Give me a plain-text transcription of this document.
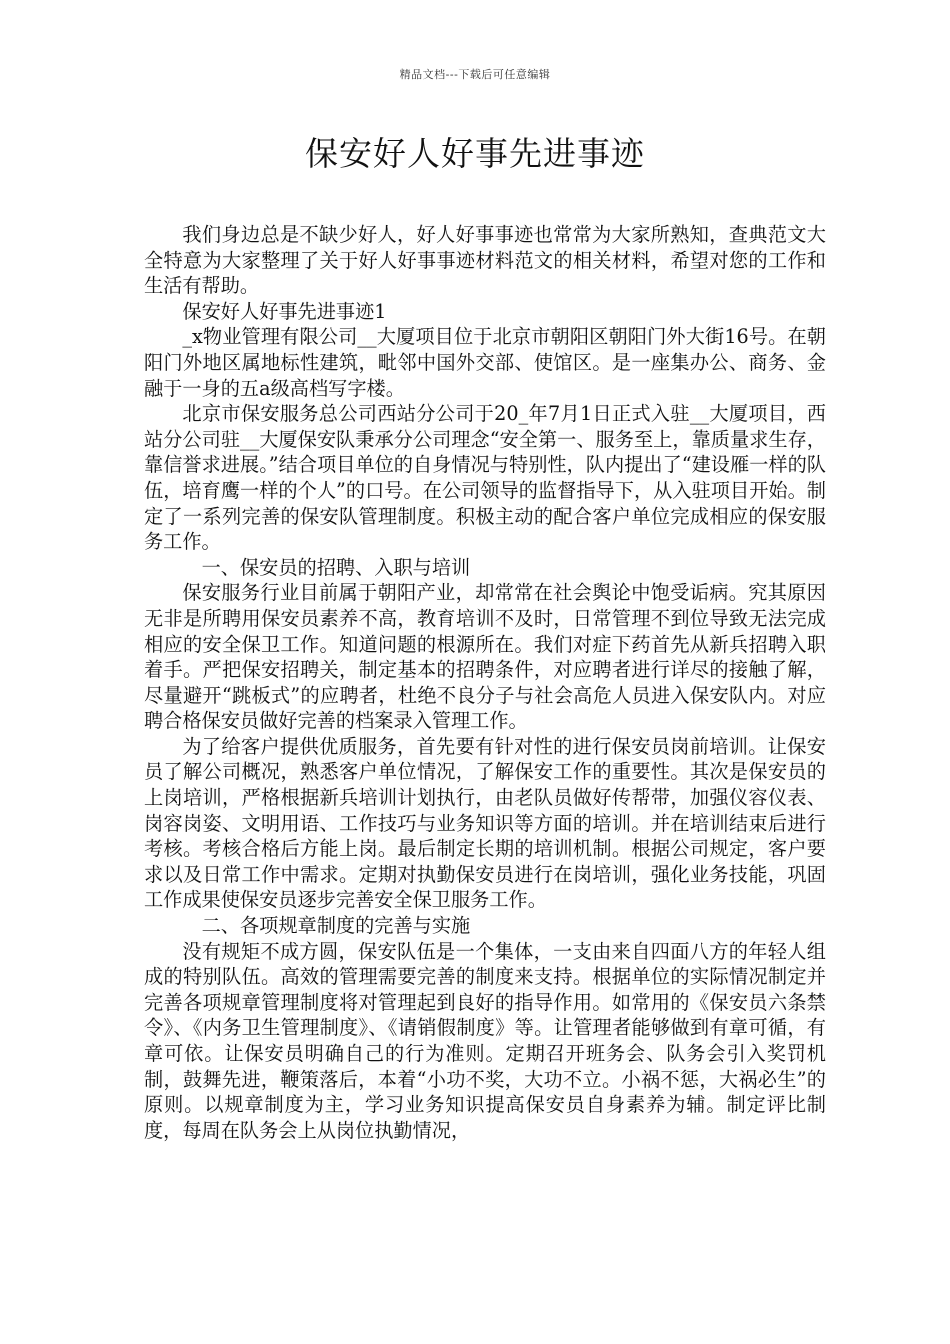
精品文档---下载后可任意编辑
保安好人好事先进事迹

我们身边总是不缺少好人，好人好事事迹也常常为大家所熟知，查典范文大全特意为大家整理了关于好人好事事迹材料范文的相关材料，希望对您的工作和生活有帮助。

保安好人好事先进事迹1

_x物业管理有限公司__大厦项目位于北京市朝阳区朝阳门外大街16号。在朝阳门外地区属地标性建筑，毗邻中国外交部、使馆区。是一座集办公、商务、金融于一身的五a级高档写字楼。

北京市保安服务总公司西站分公司于20_年7月1日正式入驻__大厦项目，西站分公司驻__大厦保安队秉承分公司理念“安全第一、服务至上，靠质量求生存，靠信誉求进展。”结合项目单位的自身情况与特别性，队内提出了“建设雁一样的队伍，培育鹰一样的个人”的口号。在公司领导的监督指导下，从入驻项目开始。制定了一系列完善的保安队管理制度。积极主动的配合客户单位完成相应的保安服务工作。

一、保安员的招聘、入职与培训

保安服务行业目前属于朝阳产业，却常常在社会舆论中饱受诟病。究其原因无非是所聘用保安员素养不高，教育培训不及时，日常管理不到位导致无法完成相应的安全保卫工作。知道问题的根源所在。我们对症下药首先从新兵招聘入职着手。严把保安招聘关，制定基本的招聘条件，对应聘者进行详尽的接触了解，尽量避开“跳板式”的应聘者，杜绝不良分子与社会高危人员进入保安队内。对应聘合格保安员做好完善的档案录入管理工作。

为了给客户提供优质服务，首先要有针对性的进行保安员岗前培训。让保安员了解公司概况，熟悉客户单位情况，了解保安工作的重要性。其次是保安员的上岗培训，严格根据新兵培训计划执行，由老队员做好传帮带，加强仪容仪表、岗容岗姿、文明用语、工作技巧与业务知识等方面的培训。并在培训结束后进行考核。考核合格后方能上岗。最后制定长期的培训机制。根据公司规定，客户要求以及日常工作中需求。定期对执勤保安员进行在岗培训，强化业务技能，巩固工作成果使保安员逐步完善安全保卫服务工作。

二、各项规章制度的完善与实施

没有规矩不成方圆，保安队伍是一个集体，一支由来自四面八方的年轻人组成的特别队伍。高效的管理需要完善的制度来支持。根据单位的实际情况制定并完善各项规章管理制度将对管理起到良好的指导作用。如常用的《保安员六条禁令》、《内务卫生管理制度》、《请销假制度》等。让管理者能够做到有章可循，有章可依。让保安员明确自己的行为准则。定期召开班务会、队务会引入奖罚机制，鼓舞先进，鞭策落后，本着“小功不奖，大功不立。小祸不惩，大祸必生”的原则。以规章制度为主，学习业务知识提高保安员自身素养为辅。制定评比制度，每周在队务会上从岗位执勤情况，
